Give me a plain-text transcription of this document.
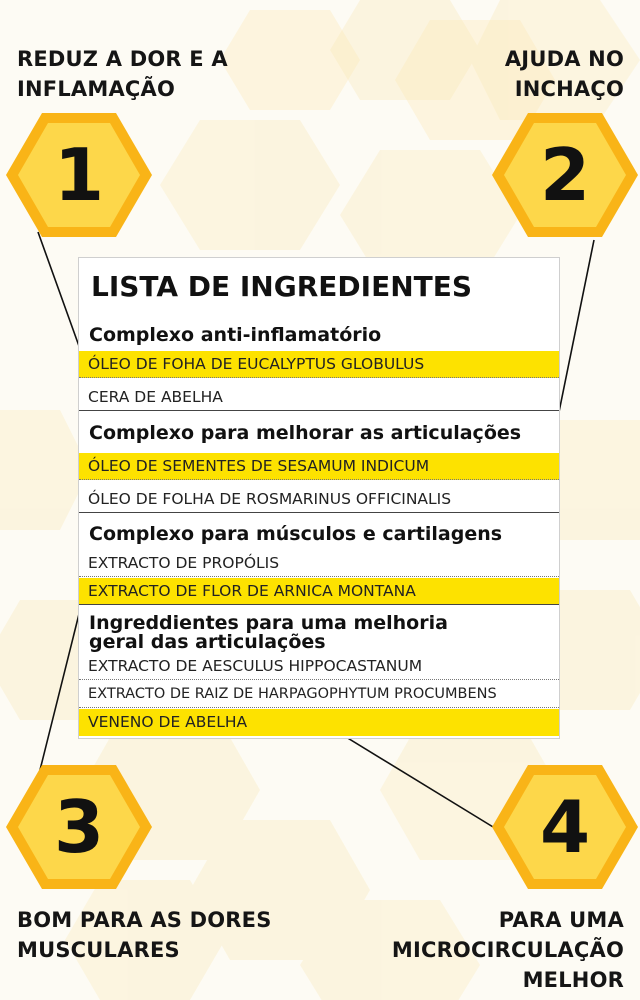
REDUZ A DOR E A
INFLAMAÇÃO
AJUDA NO
INCHAÇO
BOM PARA AS DORES
MUSCULARES
PARA UMA
MICROCIRCULAÇÃO
MELHOR
1	2
3	4
LISTA DE INGREDIENTES
Complexo anti-inflamatório
ÓLEO DE FOHA DE EUCALYPTUS GLOBULUS
CERA DE ABELHA
Complexo para melhorar as articulações
ÓLEO DE SEMENTES DE SESAMUM INDICUM
ÓLEO DE FOLHA DE ROSMARINUS OFFICINALIS
Complexo para músculos e cartilagens
EXTRACTO DE PROPÓLIS
EXTRACTO DE FLOR DE ARNICA MONTANA
Ingreddientes para uma melhoria
geral das articulações
EXTRACTO DE AESCULUS HIPPOCASTANUM
EXTRACTO DE RAIZ DE HARPAGOPHYTUM PROCUMBENS
VENENO DE ABELHA
